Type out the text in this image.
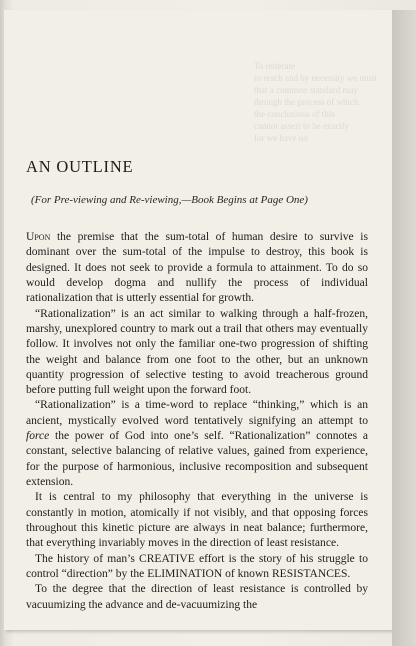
To reiterate
to reach and by necessity we must
that a common standard may
through the process of which
the conclusions of this
cannot assert to be exactly
for we have no
AN OUTLINE

(For Pre-viewing and Re-viewing,—Book Begins at Page One)

Upon the premise that the sum-total of human desire to survive is dominant over the sum-total of the impulse to destroy, this book is designed. It does not seek to provide a formula to attainment. To do so would develop dogma and nullify the process of individual rationalization that is utterly essential for growth.

“Rationalization” is an act similar to walking through a half-frozen, marshy, unexplored country to mark out a trail that others may eventually follow. It involves not only the familiar one-two progression of shifting the weight and balance from one foot to the other, but an unknown quantity progression of selective testing to avoid treacherous ground before putting full weight upon the forward foot.

“Rationalization” is a time-word to replace “thinking,” which is an ancient, mystically evolved word tentatively signifying an attempt to force the power of God into one’s self. “Rationalization” connotes a constant, selective balancing of relative values, gained from experience, for the purpose of harmonious, inclusive recomposition and subsequent extension.

It is central to my philosophy that everything in the universe is constantly in motion, atomically if not visibly, and that opposing forces throughout this kinetic picture are always in neat balance; furthermore, that everything invariably moves in the direction of least resistance.

The history of man’s CREATIVE effort is the story of his struggle to control “direction” by the ELIMINATION of known RESISTANCES.

To the degree that the direction of least resistance is controlled by vacuumizing the advance and de-vacuumizing the
